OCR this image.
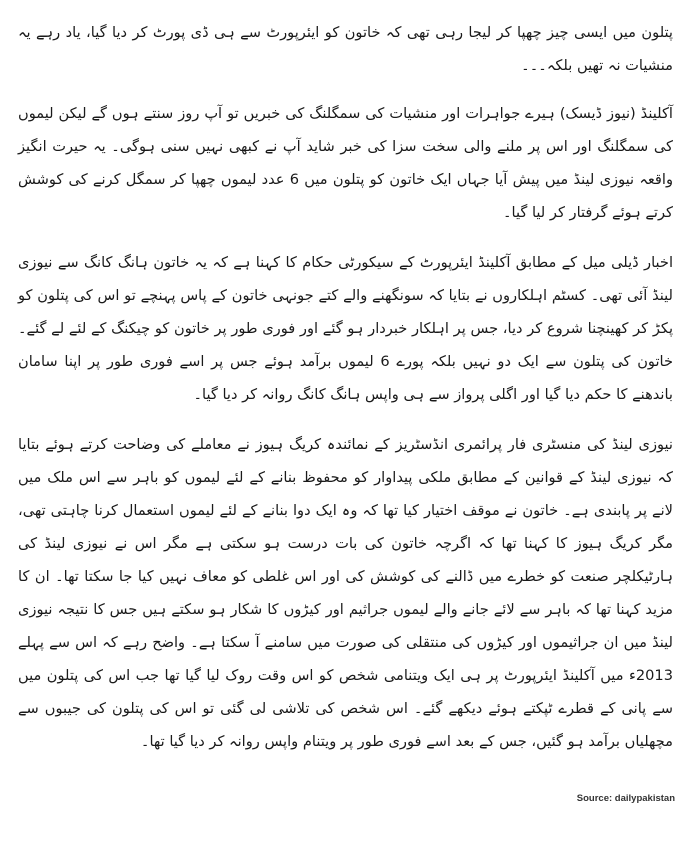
پتلون میں ایسی چیز چھپا کر لیجا رہی تھی کہ خاتون کو ایئرپورٹ سے ہی ڈی پورٹ کر دیا گیا، یاد رہے یہ منشیات نہ تھیں بلکہ۔۔۔

آکلینڈ (نیوز ڈیسک) ہیرے جواہرات اور منشیات کی سمگلنگ کی خبریں تو آپ روز سنتے ہوں گے لیکن لیموں کی سمگلنگ اور اس پر ملنے والی سخت سزا کی خبر شاید آپ نے کبھی نہیں سنی ہوگی۔ یہ حیرت انگیز واقعہ نیوزی لینڈ میں پیش آیا جہاں ایک خاتون کو پتلون میں 6 عدد لیموں چھپا کر سمگل کرنے کی کوشش کرتے ہوئے گرفتار کر لیا گیا۔

اخبار ڈیلی میل کے مطابق آکلینڈ ایئرپورٹ کے سیکورٹی حکام کا کہنا ہے کہ یہ خاتون ہانگ کانگ سے نیوزی لینڈ آئی تھی۔ کسٹم اہلکاروں نے بتایا کہ سونگھنے والے کتے جونہی خاتون کے پاس پہنچے تو اس کی پتلون کو پکڑ کر کھینچنا شروع کر دیا، جس پر اہلکار خبردار ہو گئے اور فوری طور پر خاتون کو چیکنگ کے لئے لے گئے۔ خاتون کی پتلون سے ایک دو نہیں بلکہ پورے 6 لیموں برآمد ہوئے جس پر اسے فوری طور پر اپنا سامان باندھنے کا حکم دیا گیا اور اگلی پرواز سے ہی واپس ہانگ کانگ روانہ کر دیا گیا۔

نیوزی لینڈ کی منسٹری فار پرائمری انڈسٹریز کے نمائندہ کریگ ہیوز نے معاملے کی وضاحت کرتے ہوئے بتایا کہ نیوزی لینڈ کے قوانین کے مطابق ملکی پیداوار کو محفوظ بنانے کے لئے لیموں کو باہر سے اس ملک میں لانے پر پابندی ہے۔ خاتون نے موقف اختیار کیا تھا کہ وہ ایک دوا بنانے کے لئے لیموں استعمال کرنا چاہتی تھی، مگر کریگ ہیوز کا کہنا تھا کہ اگرچہ خاتون کی بات درست ہو سکتی ہے مگر اس نے نیوزی لینڈ کی ہارٹیکلچر صنعت کو خطرے میں ڈالنے کی کوشش کی اور اس غلطی کو معاف نہیں کیا جا سکتا تھا۔ ان کا مزید کہنا تھا کہ باہر سے لائے جانے والے لیموں جراثیم اور کیڑوں کا شکار ہو سکتے ہیں جس کا نتیجہ نیوزی لینڈ میں ان جراثیموں اور کیڑوں کی منتقلی کی صورت میں سامنے آ سکتا ہے۔ واضح رہے کہ اس سے پہلے 2013ء میں آکلینڈ ایئرپورٹ پر ہی ایک ویتنامی شخص کو اس وقت روک لیا گیا تھا جب اس کی پتلون میں سے پانی کے قطرے ٹپکتے ہوئے دیکھے گئے۔ اس شخص کی تلاشی لی گئی تو اس کی پتلون کی جیبوں سے مچھلیاں برآمد ہو گئیں، جس کے بعد اسے فوری طور پر ویتنام واپس روانہ کر دیا گیا تھا۔

Source: dailypakistan
